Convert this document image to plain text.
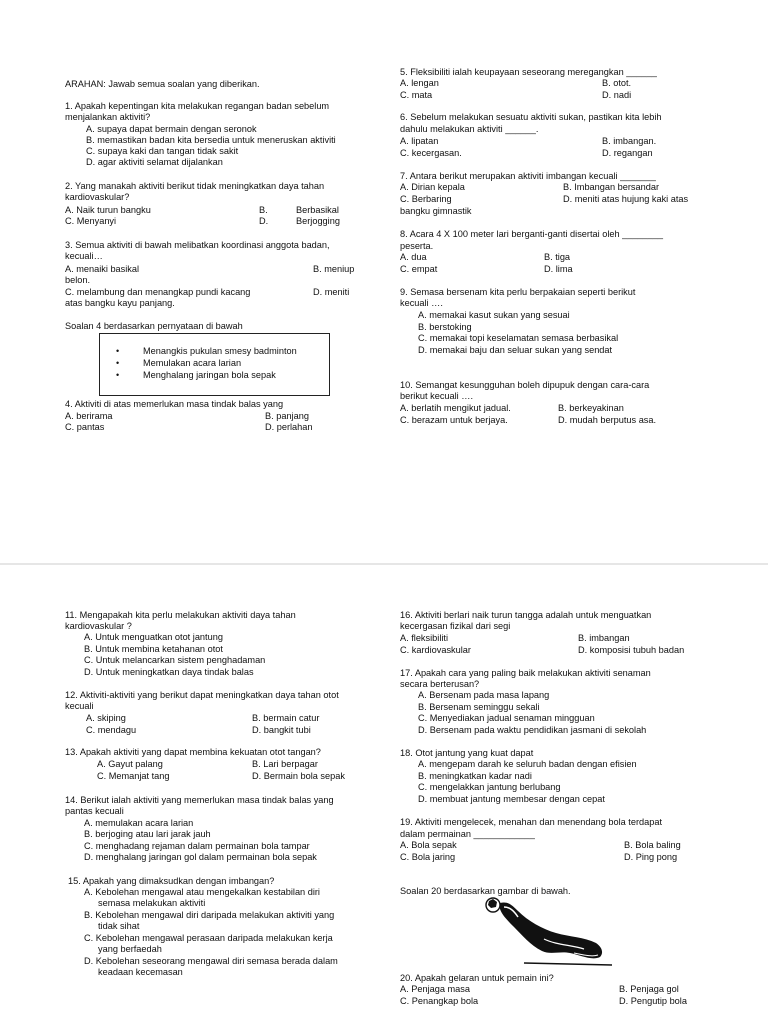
ARAHAN: Jawab semua soalan yang diberikan.
1. Apakah kepentingan kita melakukan regangan badan sebelum
menjalankan aktiviti?
A. supaya dapat bermain dengan seronok
B. memastikan badan kita bersedia untuk meneruskan aktiviti
C. supaya kaki dan tangan tidak sakit
D. agar aktiviti selamat dijalankan
2. Yang manakah aktiviti berikut tidak meningkatkan daya tahan
kardiovaskular?
A. Naik turun bangku	B.	Berbasikal
C. Menyanyi	D.	Berjogging
3. Semua aktiviti di bawah melibatkan koordinasi anggota badan,
kecuali…
A. menaiki basikal	B. meniup
belon.
C. melambung dan menangkap pundi kacang	D. meniti
atas bangku kayu panjang.
Soalan 4 berdasarkan pernyataan di bawah
•	Menangkis pukulan smesy badminton
•	Memulakan acara larian
•	Menghalang jaringan bola sepak
4. Aktiviti di atas memerlukan masa tindak balas yang
A. berirama	B. panjang
C. pantas	D. perlahan
5. Fleksibiliti ialah keupayaan seseorang meregangkan ______
A. lengan	B. otot.
C. mata	D. nadi
6. Sebelum melakukan sesuatu aktiviti sukan, pastikan kita lebih
dahulu melakukan aktiviti ______.
A. lipatan	B. imbangan.
C. kecergasan.	D. regangan
7. Antara berikut merupakan aktiviti imbangan kecuali _______
A. Dirian kepala	B. Imbangan bersandar
C. Berbaring	D. meniti atas hujung kaki atas
bangku gimnastik
8. Acara 4 X 100 meter lari berganti-ganti disertai oleh ________
peserta.
A. dua	B. tiga
C. empat	D. lima
9. Semasa bersenam kita perlu berpakaian seperti berikut
kecuali ….
A. memakai kasut sukan yang sesuai
B. berstoking
C. memakai topi keselamatan semasa berbasikal
D. memakai baju dan seluar sukan yang sendat
10. Semangat kesungguhan boleh dipupuk dengan cara-cara
berikut kecuali ….
A. berlatih mengikut jadual.	B. berkeyakinan
C. berazam untuk berjaya.	D. mudah berputus asa.
11. Mengapakah kita perlu melakukan aktiviti daya tahan
kardiovaskular ?
A. Untuk menguatkan otot jantung
B. Untuk membina ketahanan otot
C. Untuk melancarkan sistem penghadaman
D. Untuk meningkatkan daya tindak balas
12. Aktiviti-aktiviti yang berikut dapat meningkatkan daya tahan otot
kecuali
A. skiping	B. bermain catur
C. mendagu	D. bangkit tubi
13. Apakah aktiviti yang dapat membina kekuatan otot tangan?
A. Gayut palang	B. Lari berpagar
C. Memanjat tang	D. Bermain bola sepak
14. Berikut ialah aktiviti yang memerlukan masa tindak balas yang
pantas kecuali
A. memulakan acara larian
B. berjoging atau lari jarak jauh
C. menghadang rejaman dalam permainan bola tampar
D. menghalang jaringan gol dalam permainan bola sepak
15. Apakah yang dimaksudkan dengan imbangan?
A. Kebolehan mengawal atau mengekalkan kestabilan diri
semasa melakukan aktiviti
B. Kebolehan mengawal diri daripada melakukan aktiviti yang
tidak sihat
C. Kebolehan mengawal perasaan daripada melakukan kerja
yang berfaedah
D. Kebolehan seseorang mengawal diri semasa berada dalam
keadaan kecemasan
16. Aktiviti berlari naik turun tangga adalah untuk menguatkan
kecergasan fizikal dari segi
A. fleksibiliti	B. imbangan
C. kardiovaskular	D. komposisi tubuh badan
17. Apakah cara yang paling baik melakukan aktiviti senaman
secara berterusan?
A. Bersenam pada masa lapang
B. Bersenam seminggu sekali
C. Menyediakan jadual senaman mingguan
D. Bersenam pada waktu pendidikan jasmani di sekolah
18. Otot jantung yang kuat dapat
A. mengepam darah ke seluruh badan dengan efisien
B. meningkatkan kadar nadi
C. mengelakkan jantung berlubang
D. membuat jantung membesar dengan cepat
19. Aktiviti mengelecek, menahan dan menendang bola terdapat
dalam permainan ____________
A. Bola sepak	B. Bola baling
C. Bola jaring	D. Ping pong
Soalan 20 berdasarkan gambar di bawah.
20. Apakah gelaran untuk pemain ini?
A. Penjaga masa	B. Penjaga gol
C. Penangkap bola	D. Pengutip bola
